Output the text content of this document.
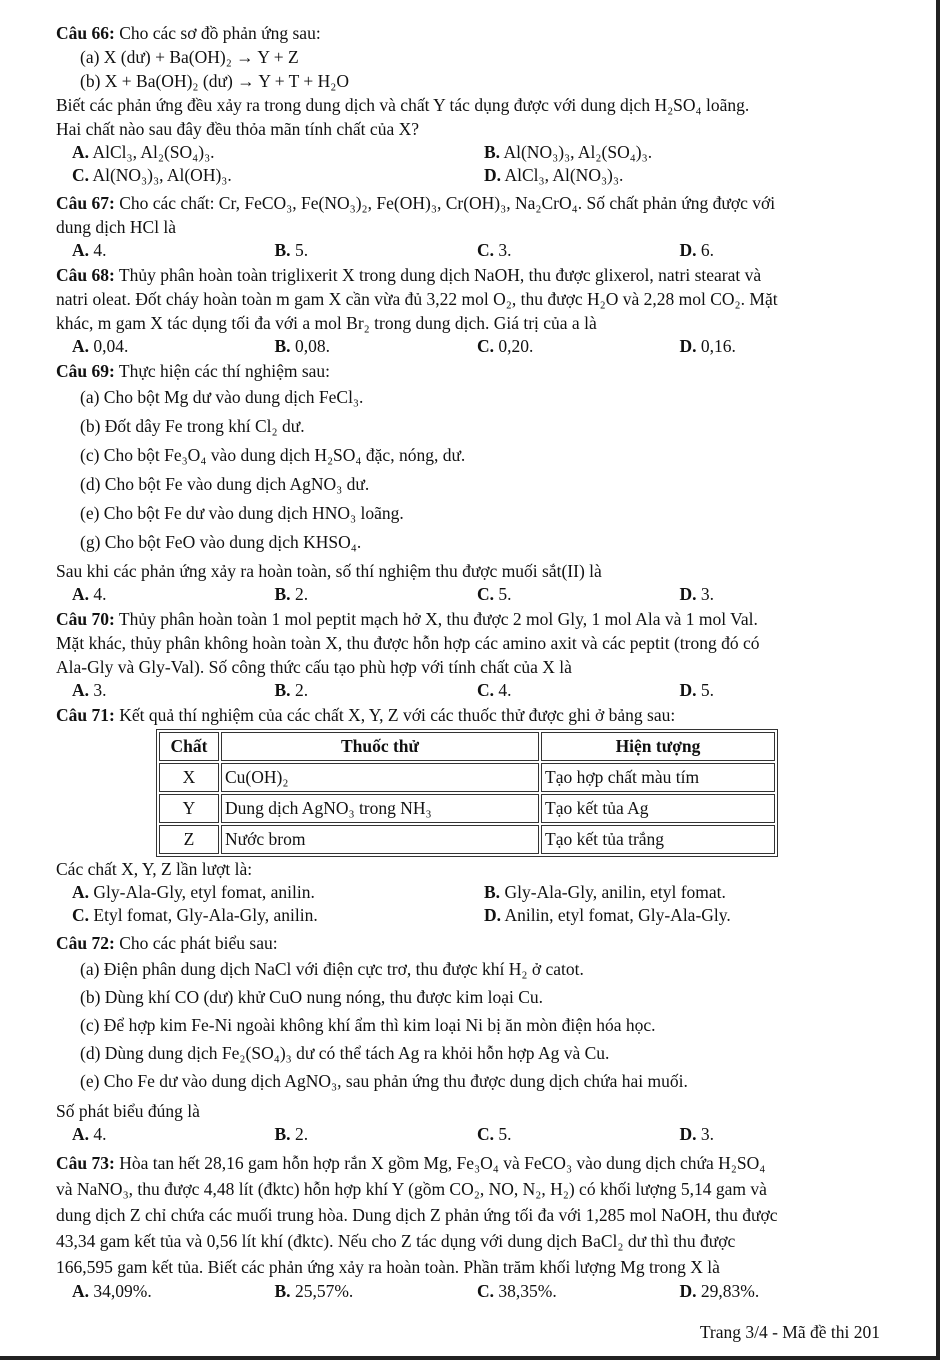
Câu 66: Cho các sơ đồ phản ứng sau:
(a) X (dư) + Ba(OH)₂ → Y + Z
(b) X + Ba(OH)₂ (dư) → Y + T + H₂O
Biết các phản ứng đều xảy ra trong dung dịch và chất Y tác dụng được với dung dịch H₂SO₄ loãng.
Hai chất nào sau đây đều thỏa mãn tính chất của X?
A. AlCl₃, Al₂(SO₄)₃.	B. Al(NO₃)₃, Al₂(SO₄)₃.
C. Al(NO₃)₃, Al(OH)₃.	D. AlCl₃, Al(NO₃)₃.
Câu 67: Cho các chất: Cr, FeCO₃, Fe(NO₃)₂, Fe(OH)₃, Cr(OH)₃, Na₂CrO₄. Số chất phản ứng được với
dung dịch HCl là
A. 4.	B. 5.	C. 3.	D. 6.
Câu 68: Thủy phân hoàn toàn triglixerit X trong dung dịch NaOH, thu được glixerol, natri stearat và
natri oleat. Đốt cháy hoàn toàn m gam X cần vừa đủ 3,22 mol O₂, thu được H₂O và 2,28 mol CO₂. Mặt
khác, m gam X tác dụng tối đa với a mol Br₂ trong dung dịch. Giá trị của a là
A. 0,04.	B. 0,08.	C. 0,20.	D. 0,16.
Câu 69: Thực hiện các thí nghiệm sau:
(a) Cho bột Mg dư vào dung dịch FeCl₃.
(b) Đốt dây Fe trong khí Cl₂ dư.
(c) Cho bột Fe₃O₄ vào dung dịch H₂SO₄ đặc, nóng, dư.
(d) Cho bột Fe vào dung dịch AgNO₃ dư.
(e) Cho bột Fe dư vào dung dịch HNO₃ loãng.
(g) Cho bột FeO vào dung dịch KHSO₄.
Sau khi các phản ứng xảy ra hoàn toàn, số thí nghiệm thu được muối sắt(II) là
A. 4.	B. 2.	C. 5.	D. 3.
Câu 70: Thủy phân hoàn toàn 1 mol peptit mạch hở X, thu được 2 mol Gly, 1 mol Ala và 1 mol Val.
Mặt khác, thủy phân không hoàn toàn X, thu được hỗn hợp các amino axit và các peptit (trong đó có
Ala-Gly và Gly-Val). Số công thức cấu tạo phù hợp với tính chất của X là
A. 3.	B. 2.	C. 4.	D. 5.
Câu 71: Kết quả thí nghiệm của các chất X, Y, Z với các thuốc thử được ghi ở bảng sau:
Chất	Thuốc thử	Hiện tượng
X	Cu(OH)₂	Tạo hợp chất màu tím
Y	Dung dịch AgNO₃ trong NH₃	Tạo kết tủa Ag
Z	Nước brom	Tạo kết tủa trắng
Các chất X, Y, Z lần lượt là:
A. Gly-Ala-Gly, etyl fomat, anilin.	B. Gly-Ala-Gly, anilin, etyl fomat.
C. Etyl fomat, Gly-Ala-Gly, anilin.	D. Anilin, etyl fomat, Gly-Ala-Gly.
Câu 72: Cho các phát biểu sau:
(a) Điện phân dung dịch NaCl với điện cực trơ, thu được khí H₂ ở catot.
(b) Dùng khí CO (dư) khử CuO nung nóng, thu được kim loại Cu.
(c) Để hợp kim Fe-Ni ngoài không khí ẩm thì kim loại Ni bị ăn mòn điện hóa học.
(d) Dùng dung dịch Fe₂(SO₄)₃ dư có thể tách Ag ra khỏi hỗn hợp Ag và Cu.
(e) Cho Fe dư vào dung dịch AgNO₃, sau phản ứng thu được dung dịch chứa hai muối.
Số phát biểu đúng là
A. 4.	B. 2.	C. 5.	D. 3.
Câu 73: Hòa tan hết 28,16 gam hỗn hợp rắn X gồm Mg, Fe₃O₄ và FeCO₃ vào dung dịch chứa H₂SO₄
và NaNO₃, thu được 4,48 lít (đktc) hỗn hợp khí Y (gồm CO₂, NO, N₂, H₂) có khối lượng 5,14 gam và
dung dịch Z chỉ chứa các muối trung hòa. Dung dịch Z phản ứng tối đa với 1,285 mol NaOH, thu được
43,34 gam kết tủa và 0,56 lít khí (đktc). Nếu cho Z tác dụng với dung dịch BaCl₂ dư thì thu được
166,595 gam kết tủa. Biết các phản ứng xảy ra hoàn toàn. Phần trăm khối lượng Mg trong X là
A. 34,09%.	B. 25,57%.	C. 38,35%.	D. 29,83%.
Trang 3/4 - Mã đề thi 201
